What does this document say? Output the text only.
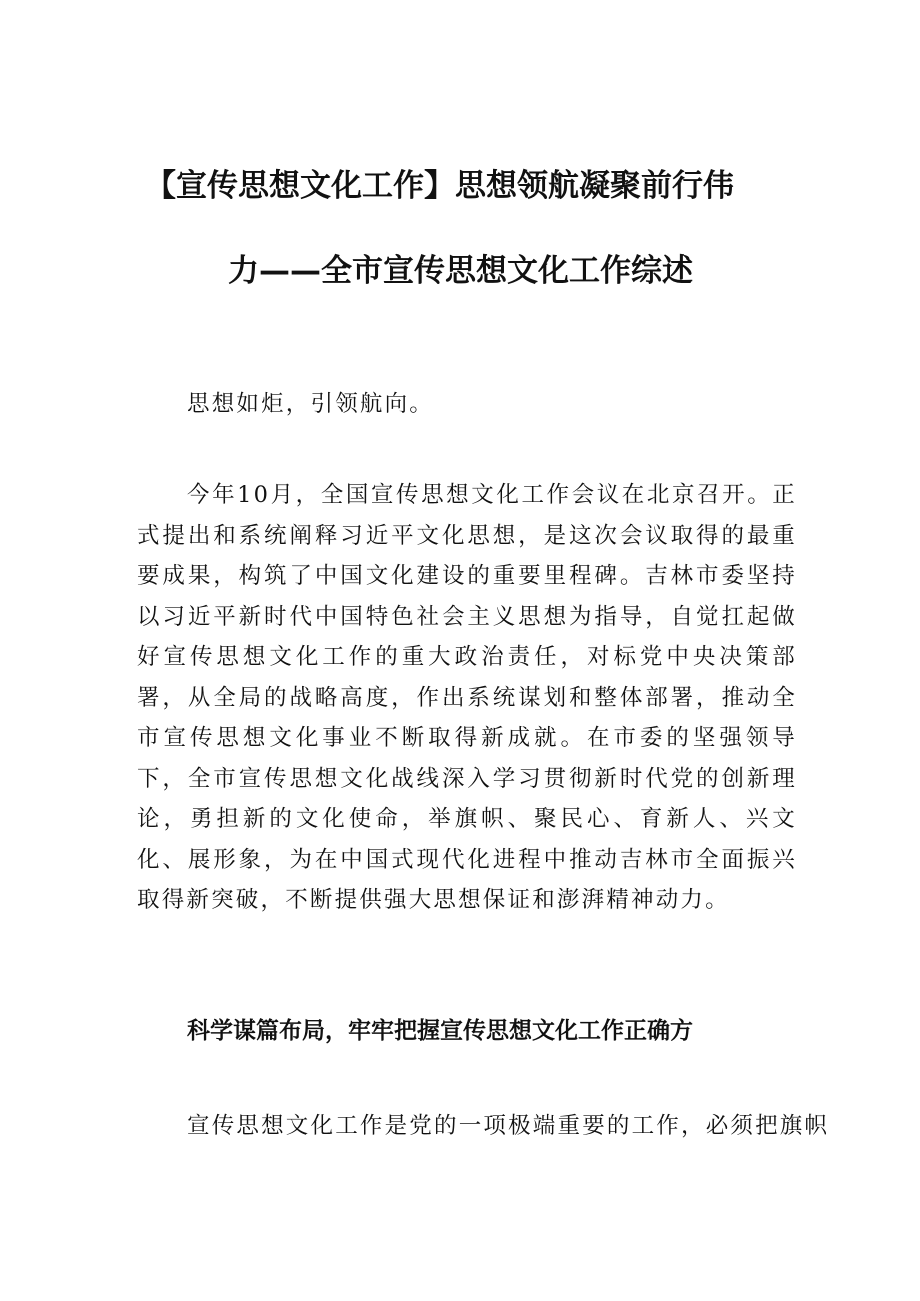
【宣传思想文化工作】思想领航凝聚前行伟
力——全市宣传思想文化工作综述
思想如炬，引领航向。
今年10月，全国宣传思想文化工作会议在北京召开。正式提出和系统阐释习近平文化思想，是这次会议取得的最重要成果，构筑了中国文化建设的重要里程碑。吉林市委坚持以习近平新时代中国特色社会主义思想为指导，自觉扛起做好宣传思想文化工作的重大政治责任，对标党中央决策部署，从全局的战略高度，作出系统谋划和整体部署，推动全市宣传思想文化事业不断取得新成就。在市委的坚强领导下，全市宣传思想文化战线深入学习贯彻新时代党的创新理论，勇担新的文化使命，举旗帜、聚民心、育新人、兴文化、展形象，为在中国式现代化进程中推动吉林市全面振兴取得新突破，不断提供强大思想保证和澎湃精神动力。
科学谋篇布局，牢牢把握宣传思想文化工作正确方
宣传思想文化工作是党的一项极端重要的工作，必须把旗帜
